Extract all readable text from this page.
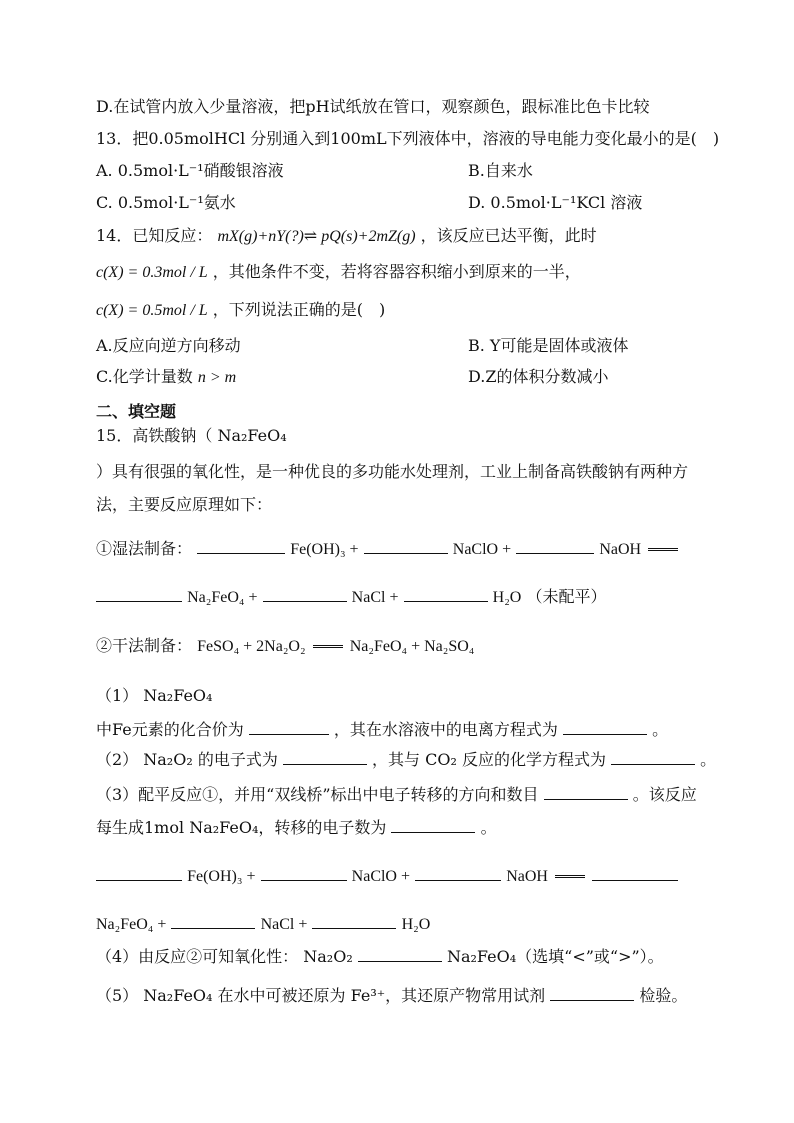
D.在试管内放入少量溶液，把pH试纸放在管口，观察颜色，跟标准比色卡比较
13．把0.05molHCl 分别通入到100mL下列液体中，溶液的导电能力变化最小的是(　)
A. 0.5mol·L⁻¹硝酸银溶液	B.自来水
C. 0.5mol·L⁻¹氨水	D. 0.5mol·L⁻¹KCl 溶液
14．已知反应： mX(g)+nY(?)⇌ pQ(s)+2mZ(g) ，该反应已达平衡，此时
c(X) = 0.3mol / L ，其他条件不变，若将容器容积缩小到原来的一半，
c(X) = 0.5mol / L ，下列说法正确的是(　)
A.反应向逆方向移动	B. Y可能是固体或液体
C.化学计量数 n > m	D.Z的体积分数减小
二、填空题
15．高铁酸钠（ Na₂FeO₄
）具有很强的氧化性，是一种优良的多功能水处理剂，工业上制备高铁酸钠有两种方
法，主要反应原理如下：
①湿法制备：	Fe(OH)₃ +	NaClO +	NaOH
Na₂FeO₄ +	NaCl +	H₂O （未配平）
②干法制备： FeSO₄ + 2Na₂O₂	Na₂FeO₄ + Na₂SO₄
（1） Na₂FeO₄
中Fe元素的化合价为	，其在水溶液中的电离方程式为	。
（2） Na₂O₂ 的电子式为	，其与 CO₂ 反应的化学方程式为	。
（3）配平反应①，并用“双线桥”标出中电子转移的方向和数目	。该反应
每生成1mol Na₂FeO₄，转移的电子数为	。
Fe(OH)₃ +	NaClO +	NaOH
Na₂FeO₄ +	NaCl +	H₂O
（4）由反应②可知氧化性： Na₂O₂	Na₂FeO₄（选填“<”或“>”）。
（5） Na₂FeO₄ 在水中可被还原为 Fe³⁺，其还原产物常用试剂	检验。
